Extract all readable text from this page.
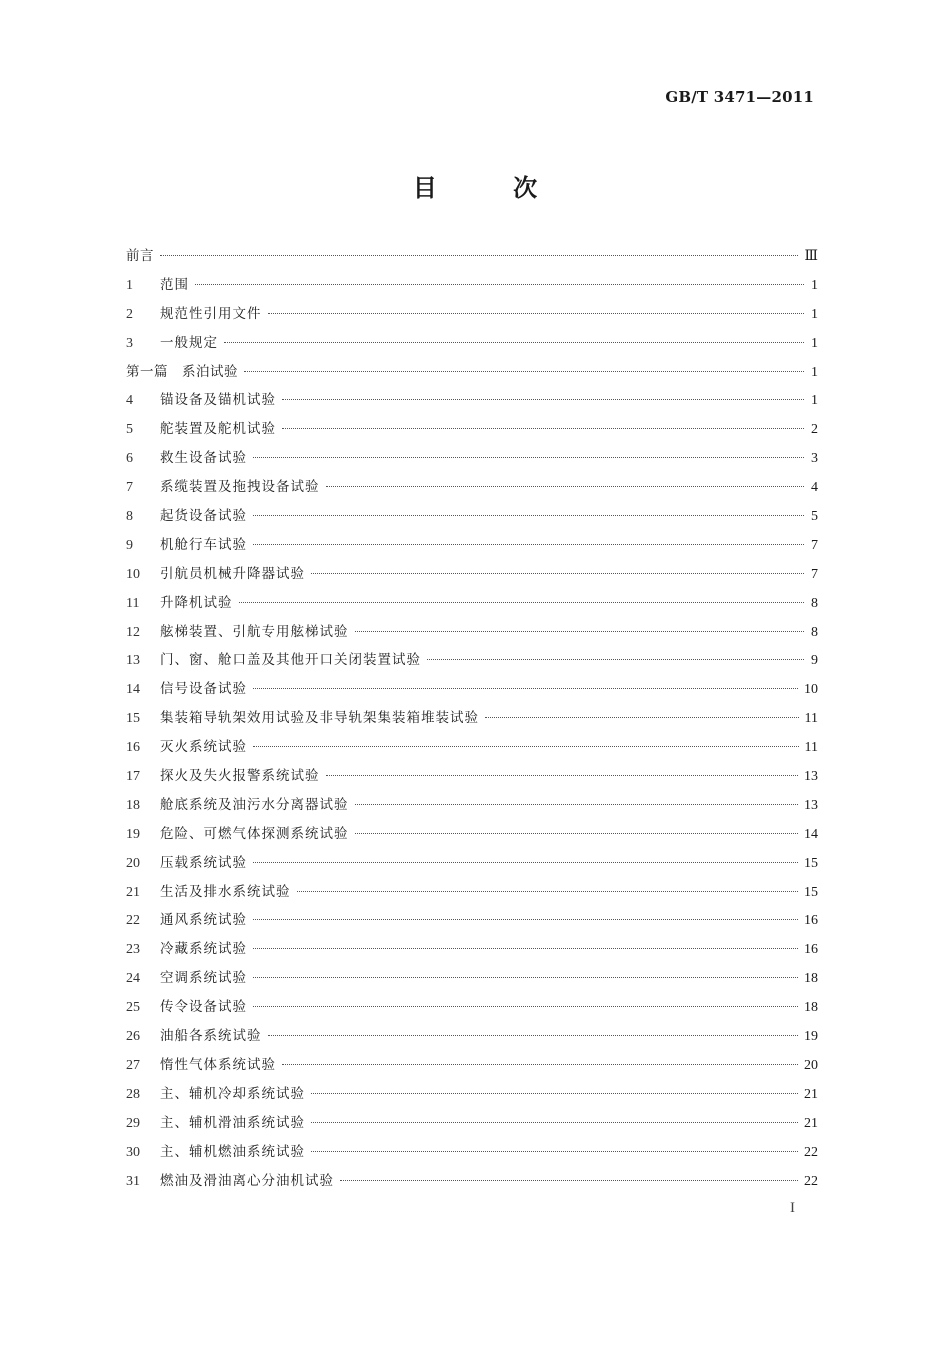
GB/T 3471—2011
目 次
前言	Ⅲ
1	范围	1
2	规范性引用文件	1
3	一般规定	1
第一篇　系泊试验	1
4	锚设备及锚机试验	1
5	舵装置及舵机试验	2
6	救生设备试验	3
7	系缆装置及拖拽设备试验	4
8	起货设备试验	5
9	机舱行车试验	7
10	引航员机械升降器试验	7
11	升降机试验	8
12	舷梯装置、引航专用舷梯试验	8
13	门、窗、舱口盖及其他开口关闭装置试验	9
14	信号设备试验	10
15	集装箱导轨架效用试验及非导轨架集装箱堆装试验	11
16	灭火系统试验	11
17	探火及失火报警系统试验	13
18	舱底系统及油污水分离器试验	13
19	危险、可燃气体探测系统试验	14
20	压载系统试验	15
21	生活及排水系统试验	15
22	通风系统试验	16
23	冷藏系统试验	16
24	空调系统试验	18
25	传令设备试验	18
26	油船各系统试验	19
27	惰性气体系统试验	20
28	主、辅机冷却系统试验	21
29	主、辅机滑油系统试验	21
30	主、辅机燃油系统试验	22
31	燃油及滑油离心分油机试验	22
I
